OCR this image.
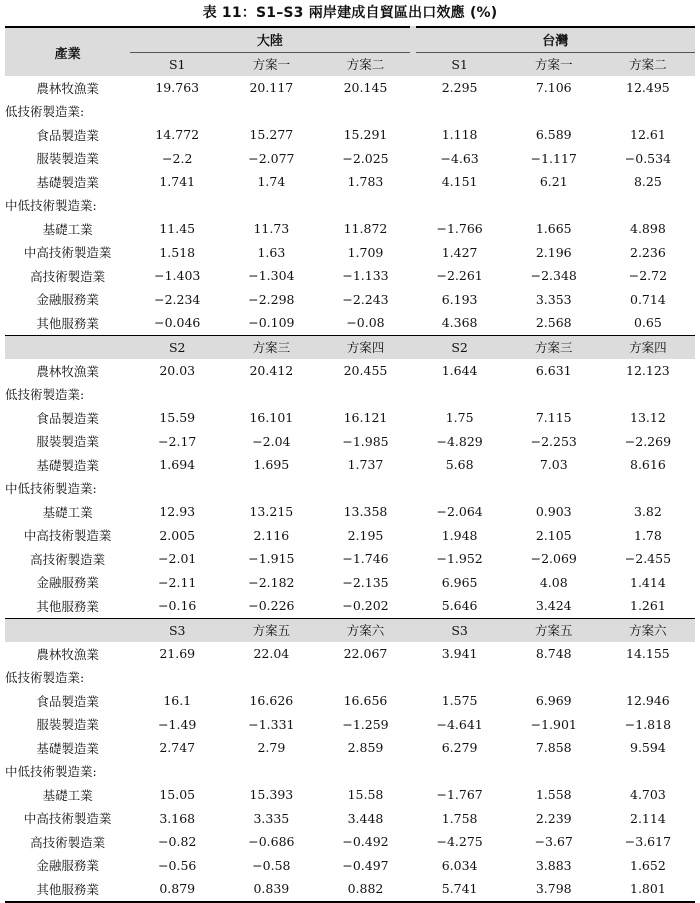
表 11：S1–S3 兩岸建成自貿區出口效應 (%)
產業	大陸			台灣		
	S1	方案一	方案二	S1	方案一	方案二
農林牧漁業	19.763	20.117	20.145	2.295	7.106	12.495
低技術製造業:						
食品製造業	14.772	15.277	15.291	1.118	6.589	12.61
服裝製造業	−2.2	−2.077	−2.025	−4.63	−1.117	−0.534
基礎製造業	1.741	1.74	1.783	4.151	6.21	8.25
中低技術製造業:						
基礎工業	11.45	11.73	11.872	−1.766	1.665	4.898
中高技術製造業	1.518	1.63	1.709	1.427	2.196	2.236
高技術製造業	−1.403	−1.304	−1.133	−2.261	−2.348	−2.72
金融服務業	−2.234	−2.298	−2.243	6.193	3.353	0.714
其他服務業	−0.046	−0.109	−0.08	4.368	2.568	0.65
	S2	方案三	方案四	S2	方案三	方案四
農林牧漁業	20.03	20.412	20.455	1.644	6.631	12.123
低技術製造業:						
食品製造業	15.59	16.101	16.121	1.75	7.115	13.12
服裝製造業	−2.17	−2.04	−1.985	−4.829	−2.253	−2.269
基礎製造業	1.694	1.695	1.737	5.68	7.03	8.616
中低技術製造業:						
基礎工業	12.93	13.215	13.358	−2.064	0.903	3.82
中高技術製造業	2.005	2.116	2.195	1.948	2.105	1.78
高技術製造業	−2.01	−1.915	−1.746	−1.952	−2.069	−2.455
金融服務業	−2.11	−2.182	−2.135	6.965	4.08	1.414
其他服務業	−0.16	−0.226	−0.202	5.646	3.424	1.261
	S3	方案五	方案六	S3	方案五	方案六
農林牧漁業	21.69	22.04	22.067	3.941	8.748	14.155
低技術製造業:						
食品製造業	16.1	16.626	16.656	1.575	6.969	12.946
服裝製造業	−1.49	−1.331	−1.259	−4.641	−1.901	−1.818
基礎製造業	2.747	2.79	2.859	6.279	7.858	9.594
中低技術製造業:						
基礎工業	15.05	15.393	15.58	−1.767	1.558	4.703
中高技術製造業	3.168	3.335	3.448	1.758	2.239	2.114
高技術製造業	−0.82	−0.686	−0.492	−4.275	−3.67	−3.617
金融服務業	−0.56	−0.58	−0.497	6.034	3.883	1.652
其他服務業	0.879	0.839	0.882	5.741	3.798	1.801
